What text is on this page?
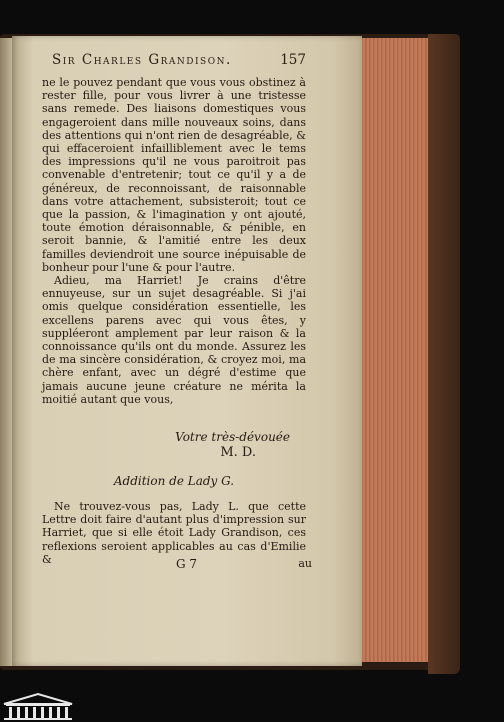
Sir Charles Grandison.	157

ne le pouvez pendant que vous vous obstinez à rester fille, pour vous livrer à une tristesse sans remede. Des liaisons domestiques vous engageroient dans mille nouveaux soins, dans des attentions qui n'ont rien de desagréable, & qui effaceroient infailliblement avec le tems des impressions qu'il ne vous paroitroit pas convenable d'entretenir; tout ce qu'il y a de généreux, de reconnoissant, de raisonnable dans votre attachement, subsisteroit; tout ce que la passion, & l'imagination y ont ajouté, toute émotion déraisonnable, & pénible, en seroit bannie, & l'amitié entre les deux familles deviendroit une source inépuisable de bonheur pour l'une & pour l'autre.

Adieu, ma Harriet! Je crains d'être ennuyeuse, sur un sujet desagréable. Si j'ai omis quelque considération essentielle, les excellens parens avec qui vous êtes, y suppléeront amplement par leur raison & la connoissance qu'ils ont du monde. Assurez les de ma sincère considération, & croyez moi, ma chère enfant, avec un dégré d'estime que jamais aucune jeune créature ne mérita la moitié autant que vous,

Votre très-dévouée
M. D.
Addition de Lady G.

Ne trouvez-vous pas, Lady L. que cette Lettre doit faire d'autant plus d'impression sur Harriet, que si elle étoit Lady Grandison, ces reflexions seroient applicables au cas d'Emilie &	G 7	au
